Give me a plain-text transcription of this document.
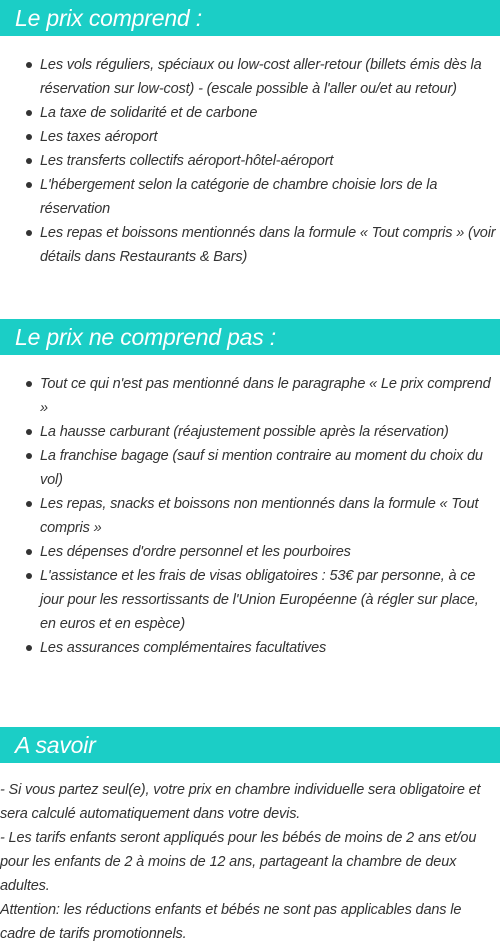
Le prix comprend :
Les vols réguliers, spéciaux ou low-cost aller-retour (billets émis dès la réservation sur low-cost) - (escale possible à l'aller ou/et au retour)
La taxe de solidarité et de carbone
Les taxes aéroport
Les transferts collectifs aéroport-hôtel-aéroport
L'hébergement selon la catégorie de chambre choisie lors de la réservation
Les repas et boissons mentionnés dans la formule « Tout compris » (voir détails dans Restaurants & Bars)
Le prix ne comprend pas :
Tout ce qui n'est pas mentionné dans le paragraphe « Le prix comprend »
La hausse carburant (réajustement possible après la réservation)
La franchise bagage (sauf si mention contraire au moment du choix du vol)
Les repas, snacks et boissons non mentionnés dans la formule « Tout compris »
Les dépenses d'ordre personnel et les pourboires
L'assistance et les frais de visas obligatoires : 53€ par personne, à ce jour pour les ressortissants de l'Union Européenne (à régler sur place, en euros et en espèce)
Les assurances complémentaires facultatives
A savoir

- Si vous partez seul(e), votre prix en chambre individuelle sera obligatoire et sera calculé automatiquement dans votre devis.

- Les tarifs enfants seront appliqués pour les bébés de moins de 2 ans et/ou pour les enfants de 2 à moins de 12 ans, partageant la chambre de deux adultes.

Attention: les réductions enfants et bébés ne sont pas applicables dans le cadre de tarifs promotionnels.
